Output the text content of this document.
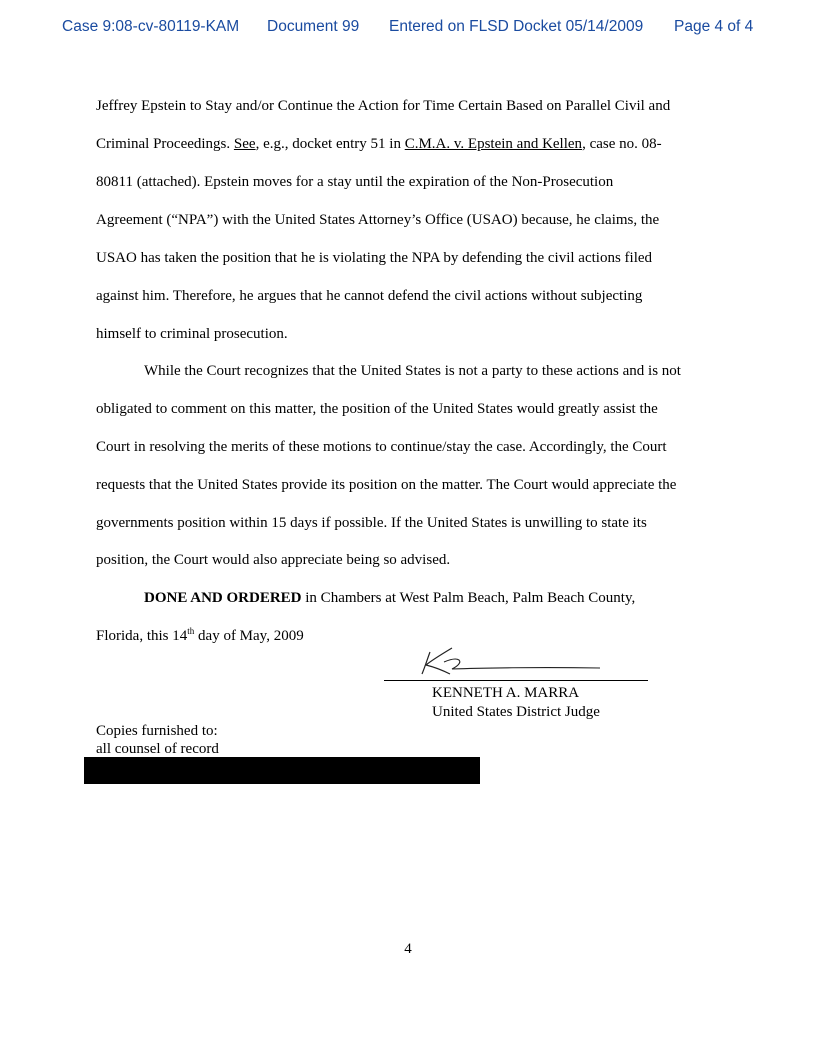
Case 9:08-cv-80119-KAM Document 99 Entered on FLSD Docket 05/14/2009 Page 4 of 4
Jeffrey Epstein to Stay and/or Continue the Action for Time Certain Based on Parallel Civil and
Criminal Proceedings. See, e.g., docket entry 51 in C.M.A. v. Epstein and Kellen, case no. 08-
80811 (attached). Epstein moves for a stay until the expiration of the Non-Prosecution
Agreement (“NPA”) with the United States Attorney’s Office (USAO) because, he claims, the
USAO has taken the position that he is violating the NPA by defending the civil actions filed
against him. Therefore, he argues that he cannot defend the civil actions without subjecting
himself to criminal prosecution.
While the Court recognizes that the United States is not a party to these actions and is not
obligated to comment on this matter, the position of the United States would greatly assist the
Court in resolving the merits of these motions to continue/stay the case. Accordingly, the Court
requests that the United States provide its position on the matter. The Court would appreciate the
governments position within 15 days if possible. If the United States is unwilling to state its
position, the Court would also appreciate being so advised.
DONE AND ORDERED in Chambers at West Palm Beach, Palm Beach County,
Florida, this 14th day of May, 2009
KENNETH A. MARRA
United States District Judge
Copies furnished to:
all counsel of record
4
